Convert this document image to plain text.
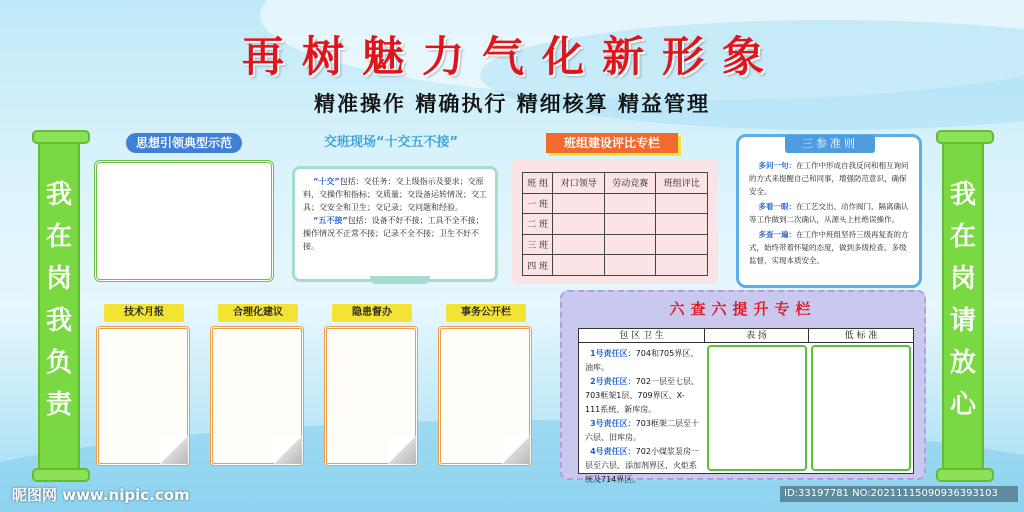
再树魅力气化新形象
精准操作 精确执行 精细核算 精益管理
我
在
岗
我
负
责
我
在
岗
请
放
心
思想引领典型示范	交班现场“十交五不接”
“十交”包括：交任务：交上级指示及要求；交原料，交操作和指标；交质量；交设备运转情况；交工具；交安全和卫生；交记录；交问题和经验。
“五不接”包括：设备不好不接；工具不全不接；操作情况不正常不接；记录不全不接；卫生不好不接。
班组建设评比专栏
班 组	对口领导	劳动竞赛	班组评比
一 班			
二 班			
三 班			
四 班			
三参准则

多问一句：在工作中形成自我反问和相互询问的方式来提醒自己和同事，增强防范意识，确保安全。

多看一眼：在工艺交出、动作阀门、隔离确认等工作做到二次确认，从源头上杜绝误操作。

多查一遍：在工作中班组坚持三级再复查的方式，始终带着怀疑的态度，做到多级检查、多级监督，实现本质安全。

技术月报	合理化建议	隐患督办	事务公开栏	六查六提升专栏
包 区 卫 生	表 扬	低 标 准
1号责任区：704和705界区、油库。
2号责任区：702一层至七层、703框架1层、709界区、X-111系统、新库房。
3号责任区：703框架二层至十六层、旧库房。
4号责任区：702小煤浆泵房一层至六层、添加剂界区、火炬系统及714界区。
昵图网 www.nipic.com	ID:33197781 NO:20211115090936393103
